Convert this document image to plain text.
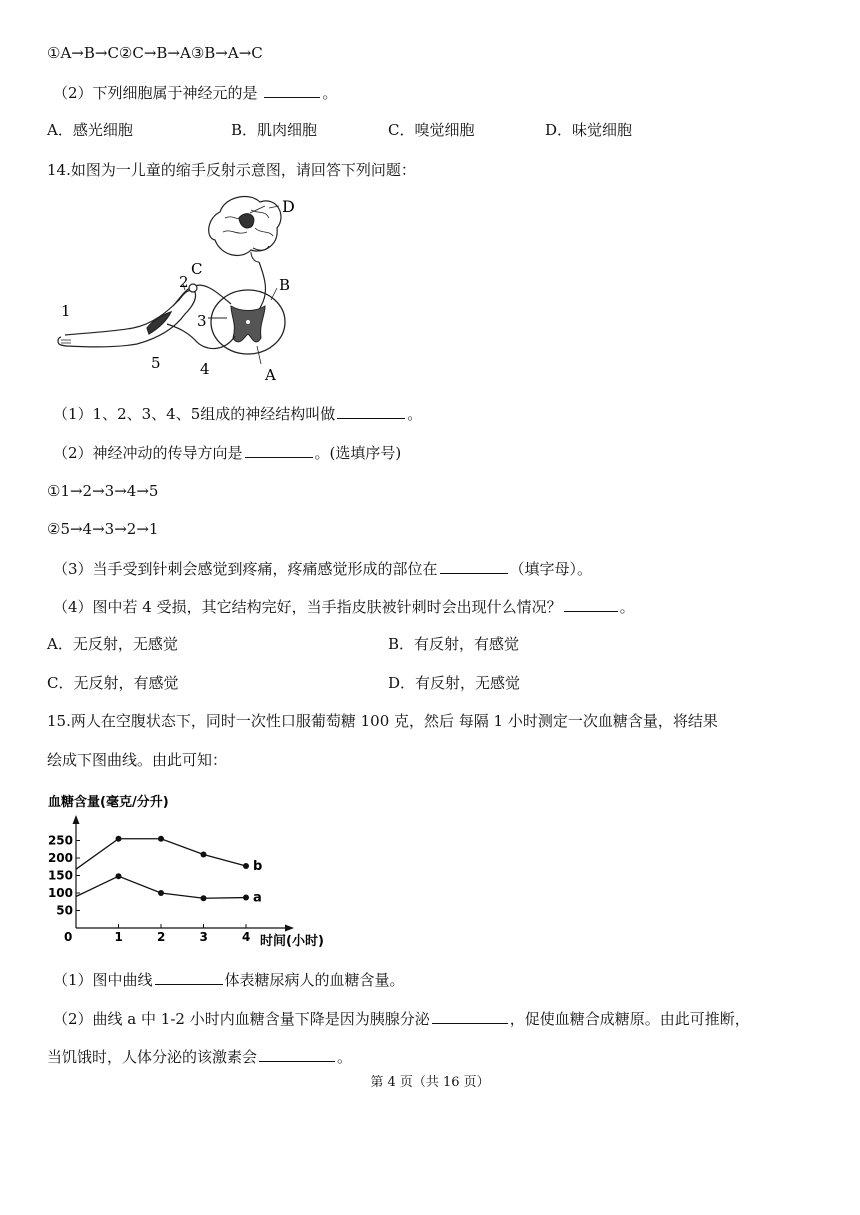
①A→B→C②C→B→A③B→A→C
（2）下列细胞属于神经元的是	。
A．感光细胞	B．肌肉细胞	C．嗅觉细胞	D．味觉细胞
14.如图为一儿童的缩手反射示意图，请回答下列问题：
D
C
2	B
3
1
5	4	A
（1）1、2、3、4、5组成的神经结构叫做	。
（2）神经冲动的传导方向是	。(选填序号)
①1→2→3→4→5
②5→4→3→2→1
（3）当手受到针刺会感觉到疼痛，疼痛感觉形成的部位在	（填字母）。
（4）图中若 4 受损，其它结构完好，当手指皮肤被针刺时会出现什么情况？	。
A．无反射，无感觉	B．有反射，有感觉
C．无反射，有感觉	D．有反射，无感觉
15.两人在空腹状态下，同时一次性口服葡萄糖 100 克，然后 每隔 1 小时测定一次血糖含量，将结果
绘成下图曲线。由此可知：
血糖含量(毫克/分升)
0	时间(小时)
1	2	3	4
50
100
150
200
250
b
a
（1）图中曲线	体表糖尿病人的血糖含量。
（2）曲线 a 中 1-2 小时内血糖含量下降是因为胰腺分泌	，促使血糖合成糖原。由此可推断，
当饥饿时，人体分泌的该激素会	。
第 4 页（共 16 页）
